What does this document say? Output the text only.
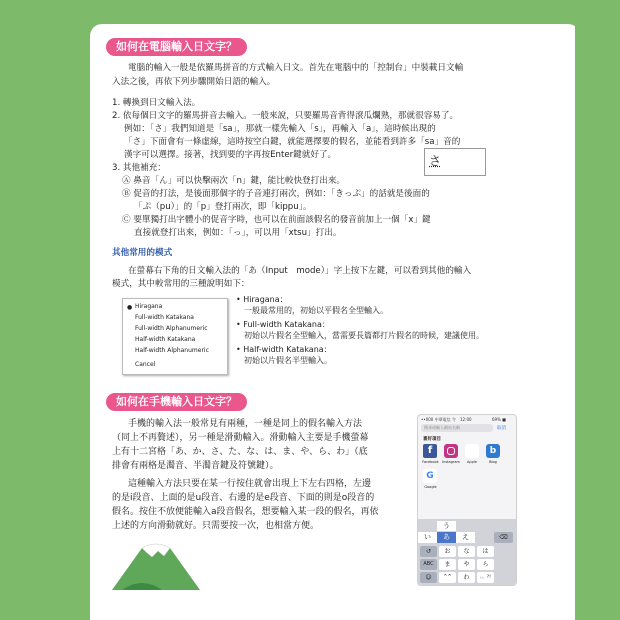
如何在電腦輸入日文字？
電腦的輸入一般是依羅馬拼音的方式輸入日文。首先在電腦中的「控制台」中裝載日文輸
入法之後，再依下列步驟開始日語的輸入。
1. 轉換到日文輸入法。
2. 依每個日文字的羅馬拼音去輸入。一般來說，只要羅馬音背得滾瓜爛熟，那就很容易了。
例如：「さ」我們知道是「sa」，那就一樣先輸入「s」，再輸入「a」，這時候出現的
「さ」下面會有一條虛線，這時按空白鍵，就能選擇要的假名，並能看到許多「sa」音的
漢字可以選擇。接著，找到要的字再按Enter鍵就好了。	さ
3. 其他補充：
Ⓐ 鼻音「ん」可以快擊兩次「n」鍵，能比較快登打出來。
Ⓑ 促音的打法，是後面那個字的子音連打兩次，例如：「きっぷ」的話就是後面的
「ぷ（pu）」的「p」登打兩次，即「kippu」。
Ⓒ 要單獨打出字體小的促音字時，也可以在前面該假名的發音前加上一個「x」鍵
直接就登打出來，例如：「っ」，可以用「xtsu」打出。
其他常用的模式
在螢幕右下角的日文輸入法的「あ（Input　mode）」字上按下左鍵，可以看到其他的輸入
模式，其中較常用的三種說明如下：
● Hiragana
Full-width Katakana
Full-width Alphanumeric
Half-width Katakana
Half-width Alphanumeric
Cancel
• Hiragana：
一般最常用的，初始以平假名全型輸入。
• Full-width Katakana：
初始以片假名全型輸入，當需要長篇都打片假名的時候，建議使用。
• Half-width Katakana：
初始以片假名半型輸入。
如何在手機輸入日文字？
手機的輸入法一般常見有兩種，一種是同上的假名輸入方法
（同上不再贅述），另一種是滑動輸入。滑動輸入主要是手機螢幕
上有十二宮格「あ、か、さ、た、な、は、ま、や、ら、わ」（底
排會有兩格是濁音、半濁音鍵及符號鍵）。
這種輸入方法只要在某一行按住就會出現上下左右四格，左邊
的是i段音、上面的是u段音、右邊的是e段音、下面的則是o段音的
假名。按住不放便能輸入a段音假名，想要輸入某一段的假名，再依
上述的方向滑動就好。只需要按一次，也相當方便。
••000 中華電信 令 12:00	69% ■
搜尋或輸入網站名稱	取消
喜好項目
f	b
Facebook Instagram	Apple	Blog
G
Google
う
い	あ	え	⌫
↺	お	な	は
ABC	ま	や	ら
☺	^^	わ	、。?!
